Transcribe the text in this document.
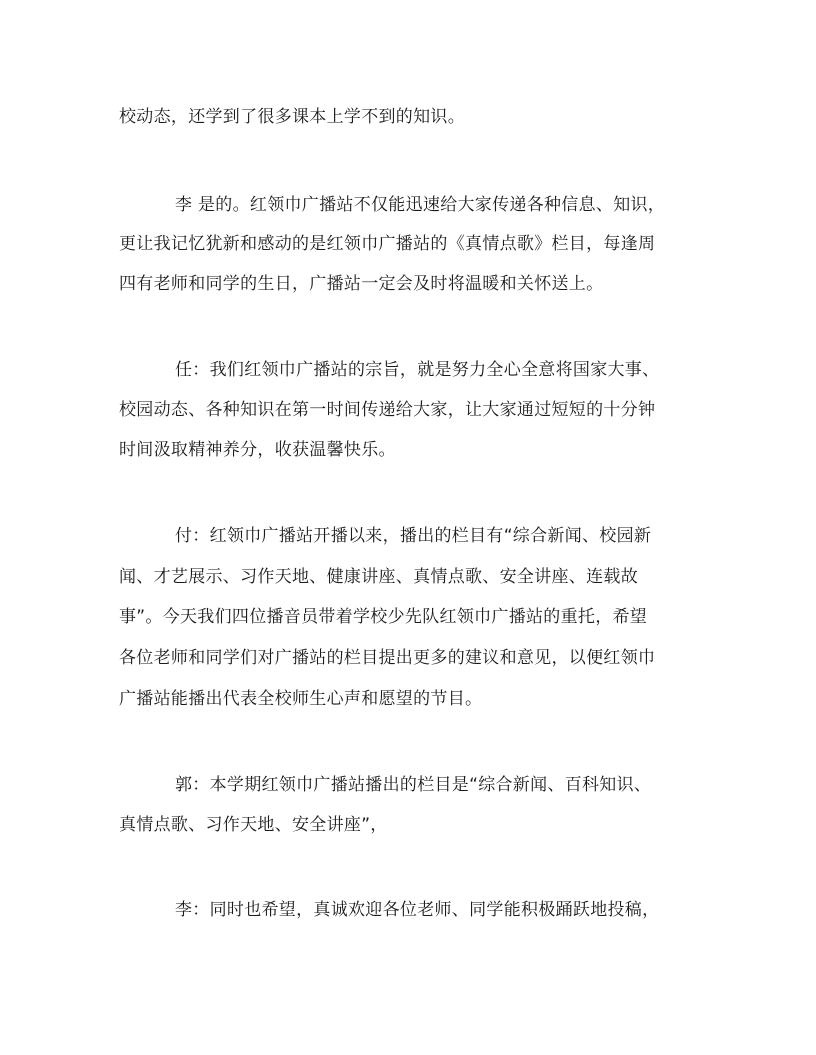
校动态，还学到了很多课本上学不到的知识。
李 是的。红领巾广播站不仅能迅速给大家传递各种信息、知识，
更让我记忆犹新和感动的是红领巾广播站的《真情点歌》栏目，每逢周
四有老师和同学的生日，广播站一定会及时将温暖和关怀送上。
任：我们红领巾广播站的宗旨，就是努力全心全意将国家大事、
校园动态、各种知识在第一时间传递给大家，让大家通过短短的十分钟
时间汲取精神养分，收获温馨快乐。
付：红领巾广播站开播以来，播出的栏目有“综合新闻、校园新
闻、才艺展示、习作天地、健康讲座、真情点歌、安全讲座、连载故
事”。今天我们四位播音员带着学校少先队红领巾广播站的重托，希望
各位老师和同学们对广播站的栏目提出更多的建议和意见，以便红领巾
广播站能播出代表全校师生心声和愿望的节目。
郭：本学期红领巾广播站播出的栏目是“综合新闻、百科知识、
真情点歌、习作天地、安全讲座”，
李：同时也希望，真诚欢迎各位老师、同学能积极踊跃地投稿，
